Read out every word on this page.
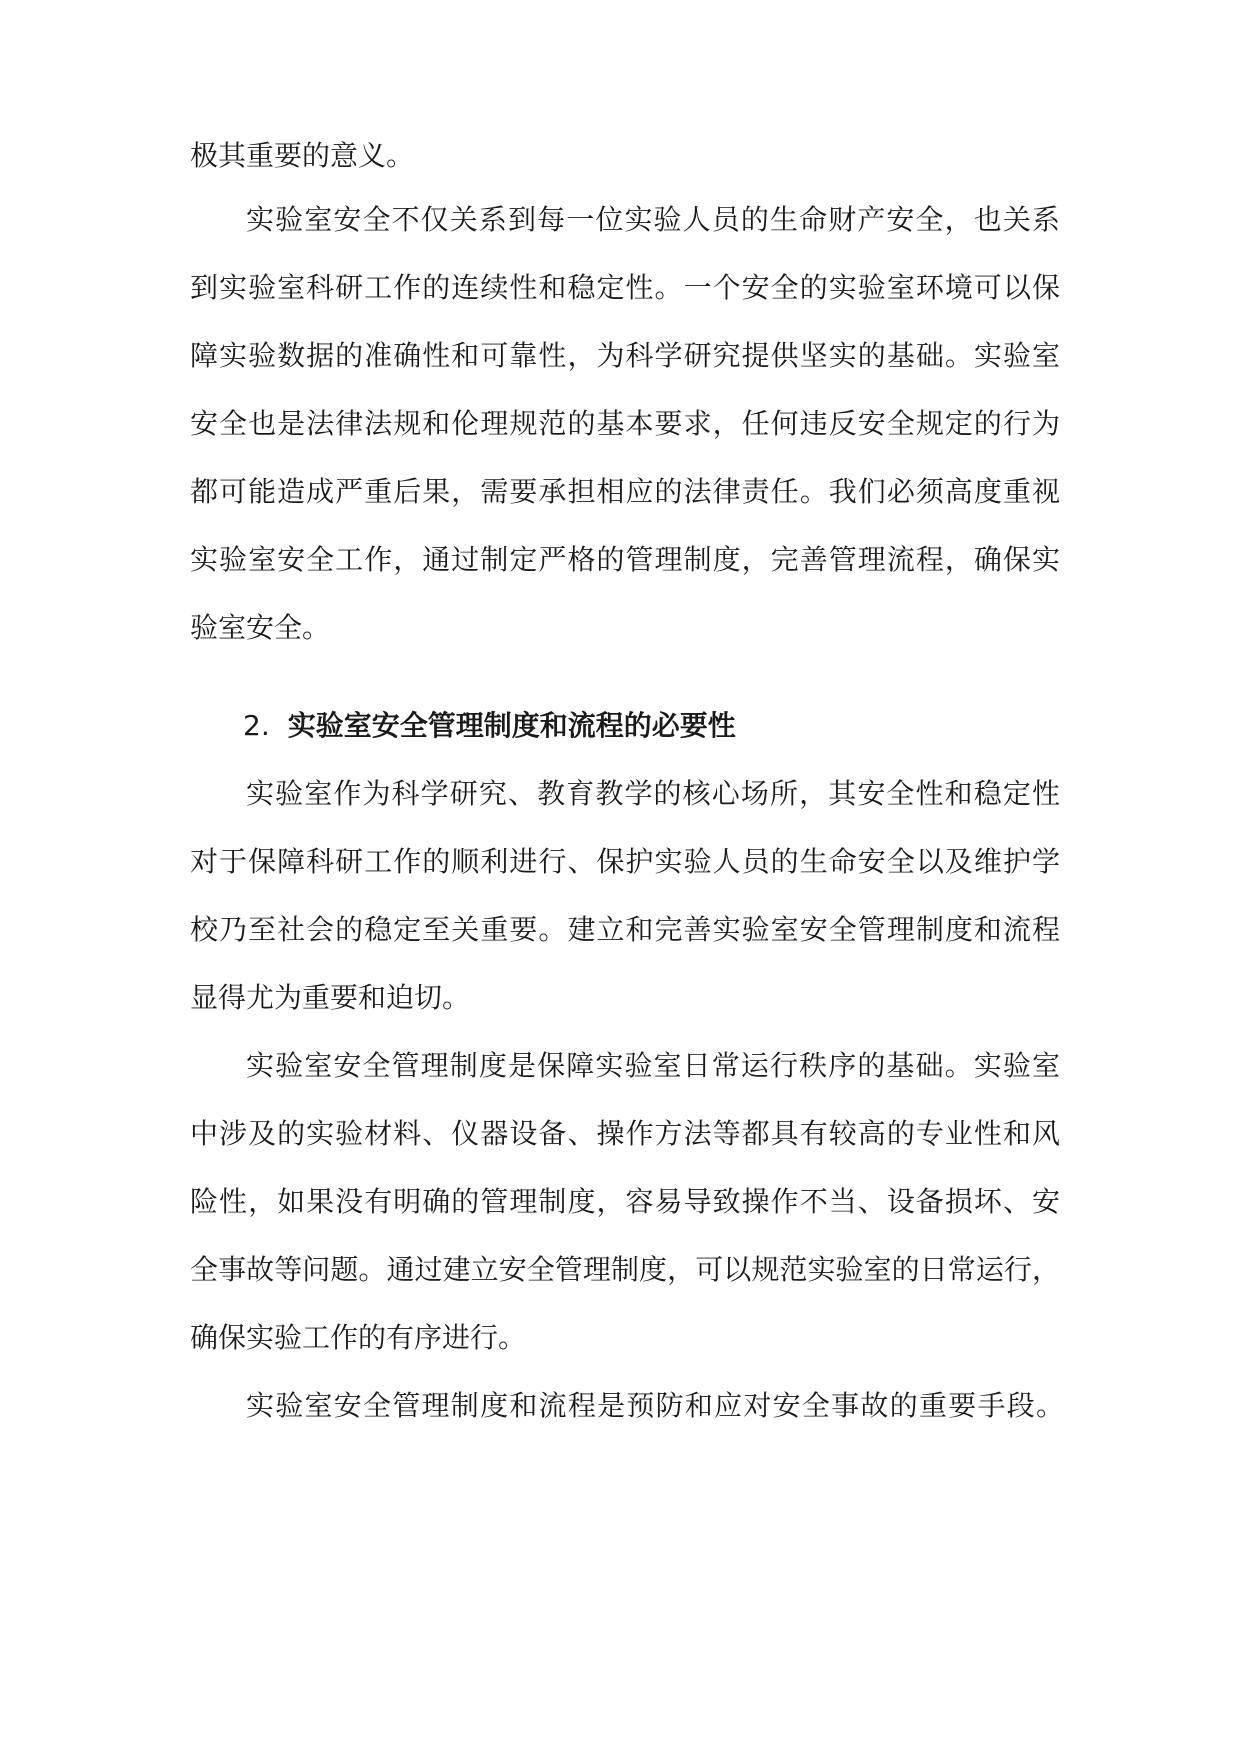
极其重要的意义。
实验室安全不仅关系到每一位实验人员的生命财产安全，也关系
到实验室科研工作的连续性和稳定性。一个安全的实验室环境可以保
障实验数据的准确性和可靠性，为科学研究提供坚实的基础。实验室
安全也是法律法规和伦理规范的基本要求，任何违反安全规定的行为
都可能造成严重后果，需要承担相应的法律责任。我们必须高度重视
实验室安全工作，通过制定严格的管理制度，完善管理流程，确保实
验室安全。
2. 实验室安全管理制度和流程的必要性
实验室作为科学研究、教育教学的核心场所，其安全性和稳定性
对于保障科研工作的顺利进行、保护实验人员的生命安全以及维护学
校乃至社会的稳定至关重要。建立和完善实验室安全管理制度和流程
显得尤为重要和迫切。
实验室安全管理制度是保障实验室日常运行秩序的基础。实验室
中涉及的实验材料、仪器设备、操作方法等都具有较高的专业性和风
险性，如果没有明确的管理制度，容易导致操作不当、设备损坏、安
全事故等问题。通过建立安全管理制度，可以规范实验室的日常运行，
确保实验工作的有序进行。
实验室安全管理制度和流程是预防和应对安全事故的重要手段。
